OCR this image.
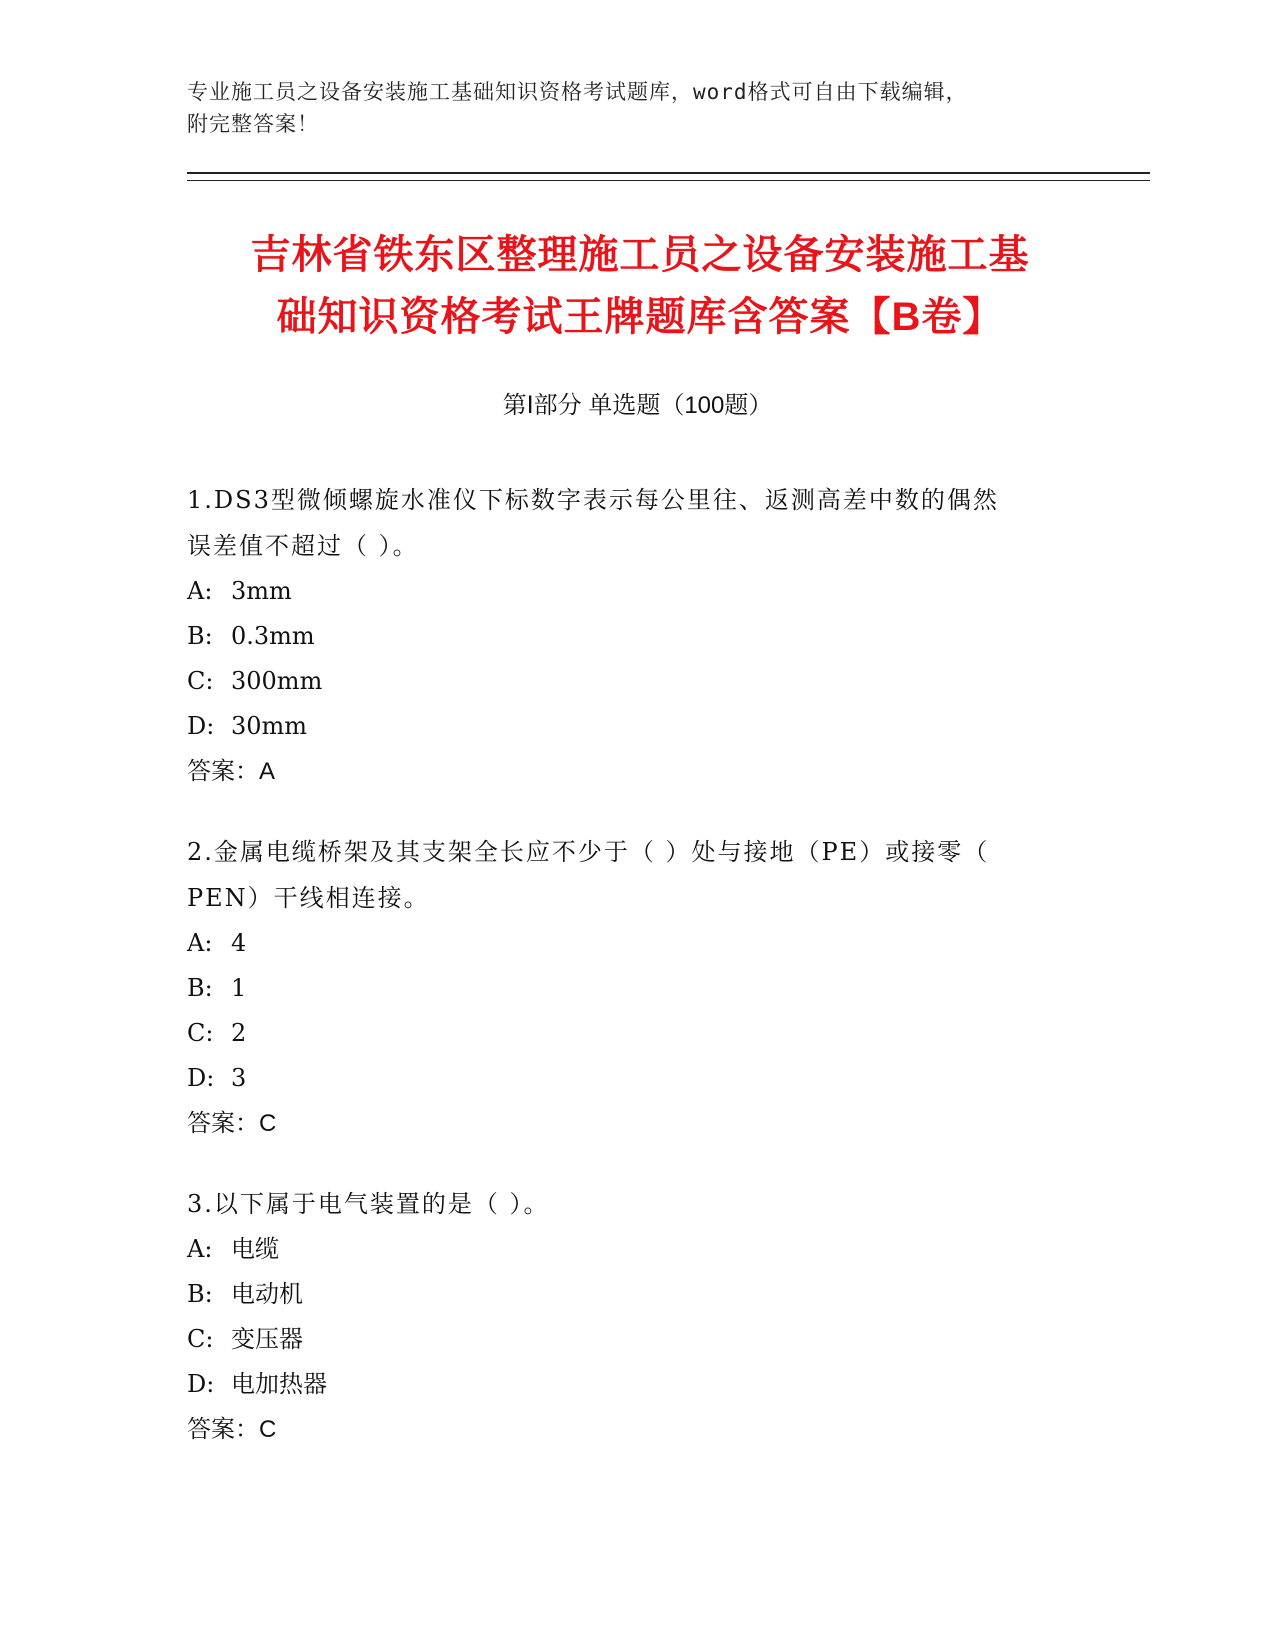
专业施工员之设备安装施工基础知识资格考试题库，word格式可自由下载编辑，
附完整答案！
吉林省铁东区整理施工员之设备安装施工基
础知识资格考试王牌题库含答案【B卷】
第Ⅰ部分 单选题（100题）
1.DS3型微倾螺旋水准仪下标数字表示每公里往、返测高差中数的偶然
误差值不超过（ ）。
A: 3mm
B: 0.3mm
C: 300mm
D: 30mm
答案：A
2.金属电缆桥架及其支架全长应不少于（ ）处与接地（PE）或接零（
PEN）干线相连接。
A: 4
B: 1
C: 2
D: 3
答案：C
3.以下属于电气装置的是（ ）。
A: 电缆
B: 电动机
C: 变压器
D: 电加热器
答案：C
